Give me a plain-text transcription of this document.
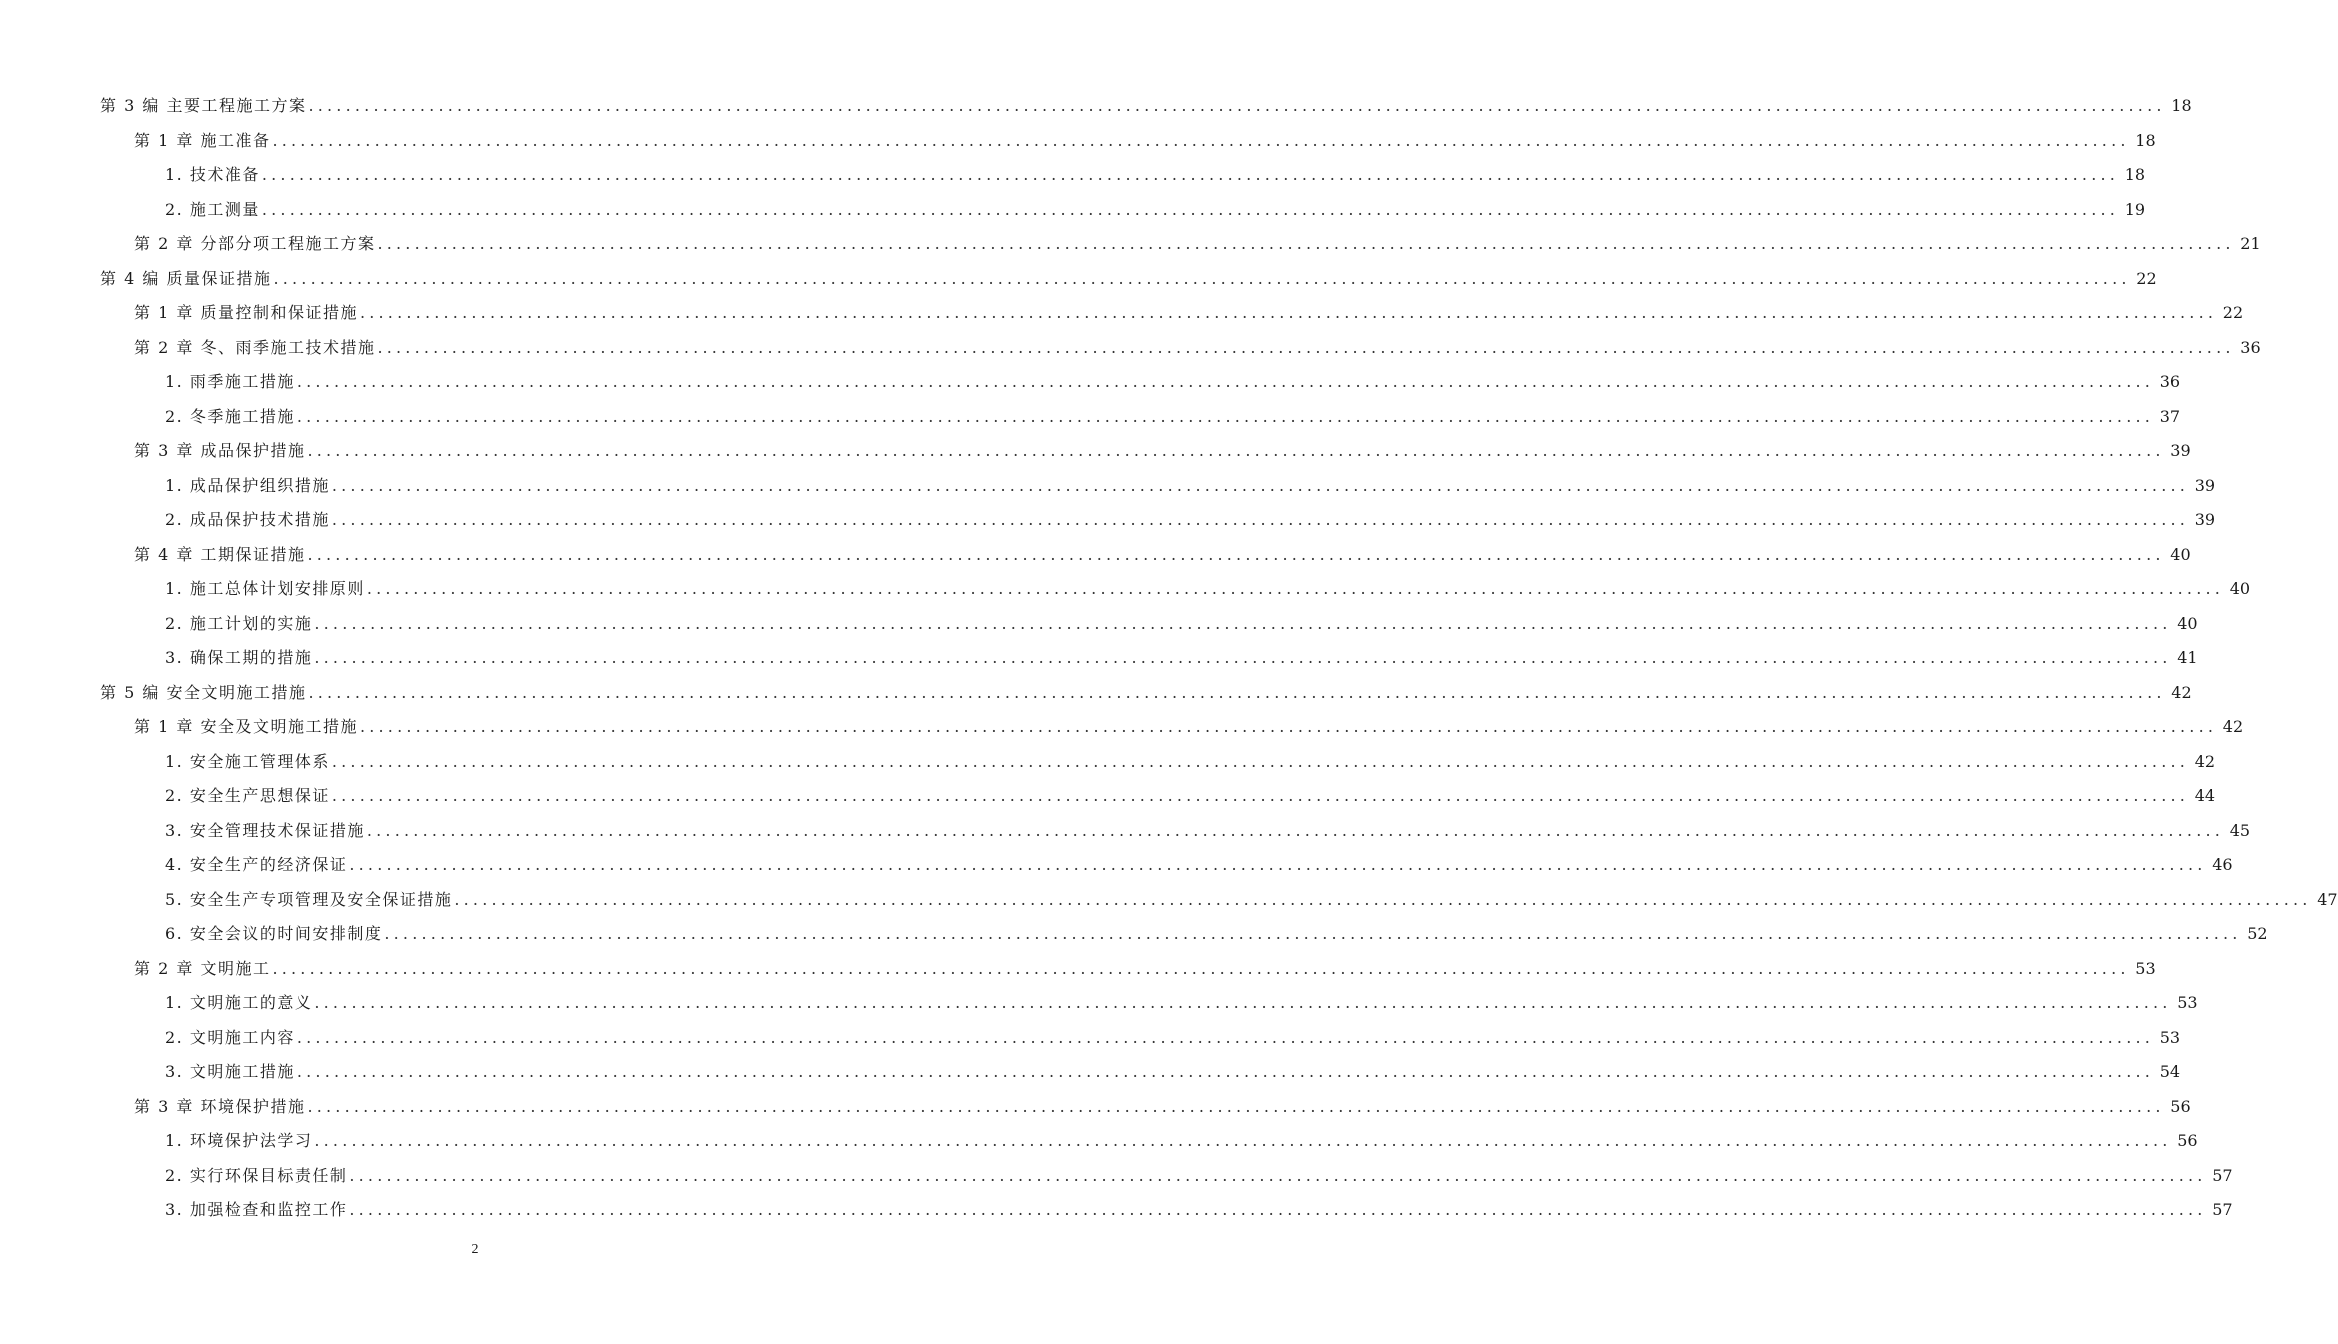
第 3 编 主要工程施工方案 ........................................................................................................................................................................................................ 18
第 1 章 施工准备 ........................................................................................................................................................................................................ 18
1. 技术准备 ........................................................................................................................................................................................................ 18
2. 施工测量 ........................................................................................................................................................................................................ 19
第 2 章 分部分项工程施工方案 ........................................................................................................................................................................................................ 21
第 4 编 质量保证措施 ........................................................................................................................................................................................................ 22
第 1 章 质量控制和保证措施 ........................................................................................................................................................................................................ 22
第 2 章 冬、雨季施工技术措施 ........................................................................................................................................................................................................ 36
1. 雨季施工措施 ........................................................................................................................................................................................................ 36
2. 冬季施工措施 ........................................................................................................................................................................................................ 37
第 3 章 成品保护措施 ........................................................................................................................................................................................................ 39
1. 成品保护组织措施 ........................................................................................................................................................................................................ 39
2. 成品保护技术措施 ........................................................................................................................................................................................................ 39
第 4 章 工期保证措施 ........................................................................................................................................................................................................ 40
1. 施工总体计划安排原则 ........................................................................................................................................................................................................ 40
2. 施工计划的实施 ........................................................................................................................................................................................................ 40
3. 确保工期的措施 ........................................................................................................................................................................................................ 41
第 5 编 安全文明施工措施 ........................................................................................................................................................................................................ 42
第 1 章 安全及文明施工措施 ........................................................................................................................................................................................................ 42
1. 安全施工管理体系 ........................................................................................................................................................................................................ 42
2. 安全生产思想保证 ........................................................................................................................................................................................................ 44
3. 安全管理技术保证措施 ........................................................................................................................................................................................................ 45
4. 安全生产的经济保证 ........................................................................................................................................................................................................ 46
5. 安全生产专项管理及安全保证措施 ........................................................................................................................................................................................................ 47
6. 安全会议的时间安排制度 ........................................................................................................................................................................................................ 52
第 2 章 文明施工 ........................................................................................................................................................................................................ 53
1. 文明施工的意义 ........................................................................................................................................................................................................ 53
2. 文明施工内容 ........................................................................................................................................................................................................ 53
3. 文明施工措施 ........................................................................................................................................................................................................ 54
第 3 章 环境保护措施 ........................................................................................................................................................................................................ 56
1. 环境保护法学习 ........................................................................................................................................................................................................ 56
2. 实行环保目标责任制 ........................................................................................................................................................................................................ 57
3. 加强检查和监控工作 ........................................................................................................................................................................................................ 57
2
